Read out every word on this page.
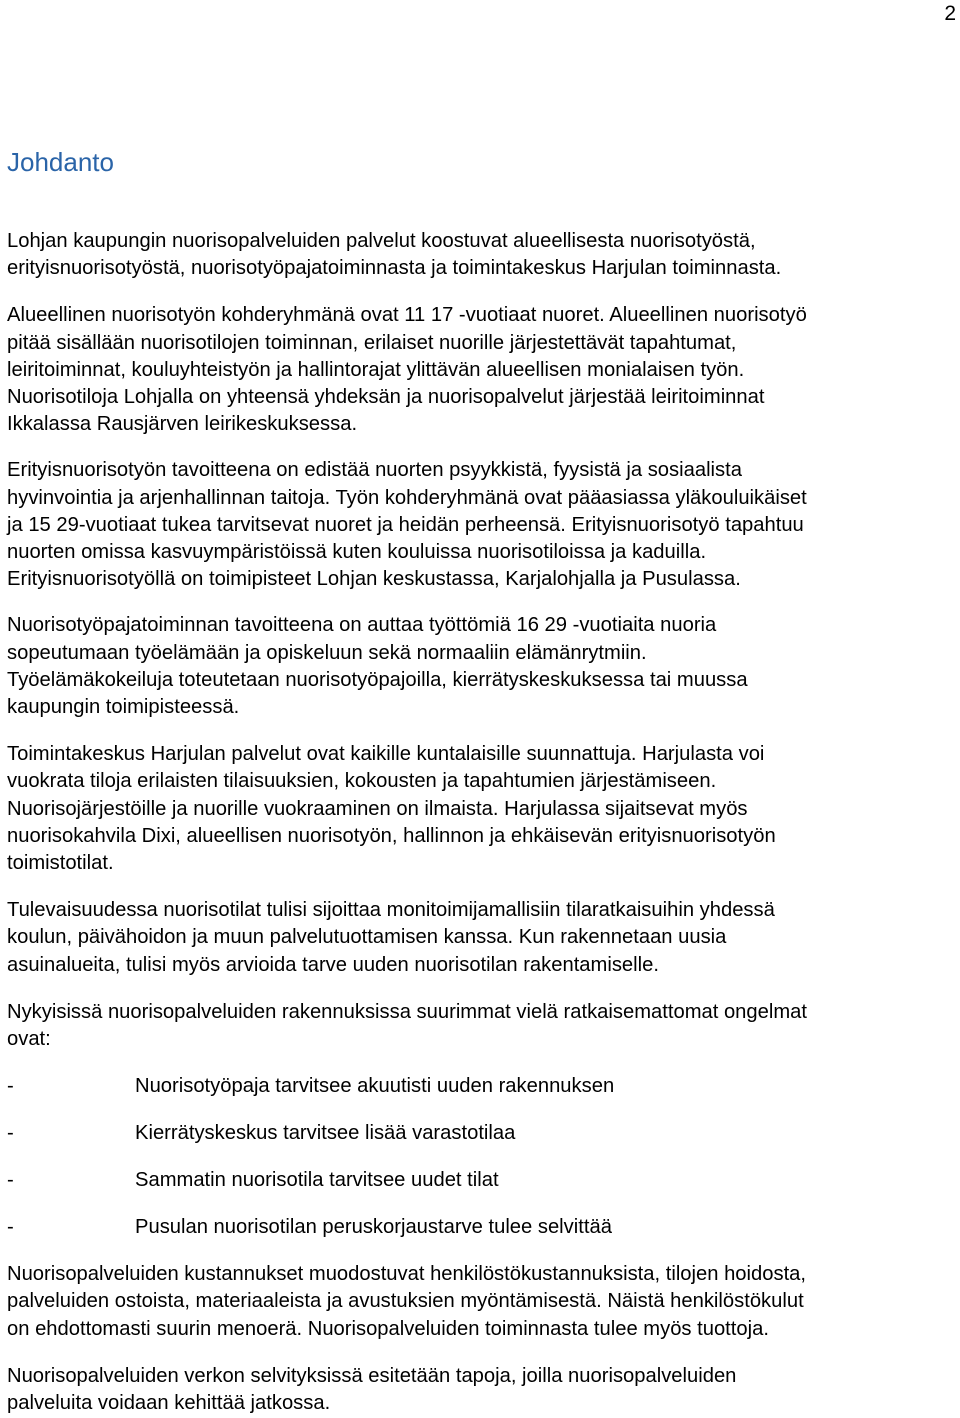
2
Johdanto

Lohjan kaupungin nuorisopalveluiden palvelut koostuvat alueellisesta nuorisotyöstä,
erityisnuorisotyöstä, nuorisotyöpajatoiminnasta ja toimintakeskus Harjulan toiminnasta.

Alueellinen nuorisotyön kohderyhmänä ovat 11 17 -vuotiaat nuoret. Alueellinen nuorisotyö
pitää sisällään nuorisotilojen toiminnan, erilaiset nuorille järjestettävät tapahtumat,
leiritoiminnat, kouluyhteistyön ja hallintorajat ylittävän alueellisen monialaisen työn.
Nuorisotiloja Lohjalla on yhteensä yhdeksän ja nuorisopalvelut järjestää leiritoiminnat
Ikkalassa Rausjärven leirikeskuksessa.

Erityisnuorisotyön tavoitteena on edistää nuorten psyykkistä, fyysistä ja sosiaalista
hyvinvointia ja arjenhallinnan taitoja. Työn kohderyhmänä ovat pääasiassa yläkouluikäiset
ja 15 29-vuotiaat tukea tarvitsevat nuoret ja heidän perheensä. Erityisnuorisotyö tapahtuu
nuorten omissa kasvuympäristöissä kuten kouluissa nuorisotiloissa ja kaduilla.
Erityisnuorisotyöllä on toimipisteet Lohjan keskustassa, Karjalohjalla ja Pusulassa.

Nuorisotyöpajatoiminnan tavoitteena on auttaa työttömiä 16 29 -vuotiaita nuoria
sopeutumaan työelämään ja opiskeluun sekä normaaliin elämänrytmiin.
Työelämäkokeiluja toteutetaan nuorisotyöpajoilla, kierrätyskeskuksessa tai muussa
kaupungin toimipisteessä.

Toimintakeskus Harjulan palvelut ovat kaikille kuntalaisille suunnattuja. Harjulasta voi
vuokrata tiloja erilaisten tilaisuuksien, kokousten ja tapahtumien järjestämiseen.
Nuorisojärjestöille ja nuorille vuokraaminen on ilmaista. Harjulassa sijaitsevat myös
nuorisokahvila Dixi, alueellisen nuorisotyön, hallinnon ja ehkäisevän erityisnuorisotyön
toimistotilat.

Tulevaisuudessa nuorisotilat tulisi sijoittaa monitoimijamallisiin tilaratkaisuihin yhdessä
koulun, päivähoidon ja muun palvelutuottamisen kanssa. Kun rakennetaan uusia
asuinalueita, tulisi myös arvioida tarve uuden nuorisotilan rakentamiselle.

Nykyisissä nuorisopalveluiden rakennuksissa suurimmat vielä ratkaisemattomat ongelmat
ovat:

-	Nuorisotyöpaja tarvitsee akuutisti uuden rakennuksen
-	Kierrätyskeskus tarvitsee lisää varastotilaa
-	Sammatin nuorisotila tarvitsee uudet tilat
-	Pusulan nuorisotilan peruskorjaustarve tulee selvittää

Nuorisopalveluiden kustannukset muodostuvat henkilöstökustannuksista, tilojen hoidosta,
palveluiden ostoista, materiaaleista ja avustuksien myöntämisestä. Näistä henkilöstökulut
on ehdottomasti suurin menoerä. Nuorisopalveluiden toiminnasta tulee myös tuottoja.

Nuorisopalveluiden verkon selvityksissä esitetään tapoja, joilla nuorisopalveluiden
palveluita voidaan kehittää jatkossa.
